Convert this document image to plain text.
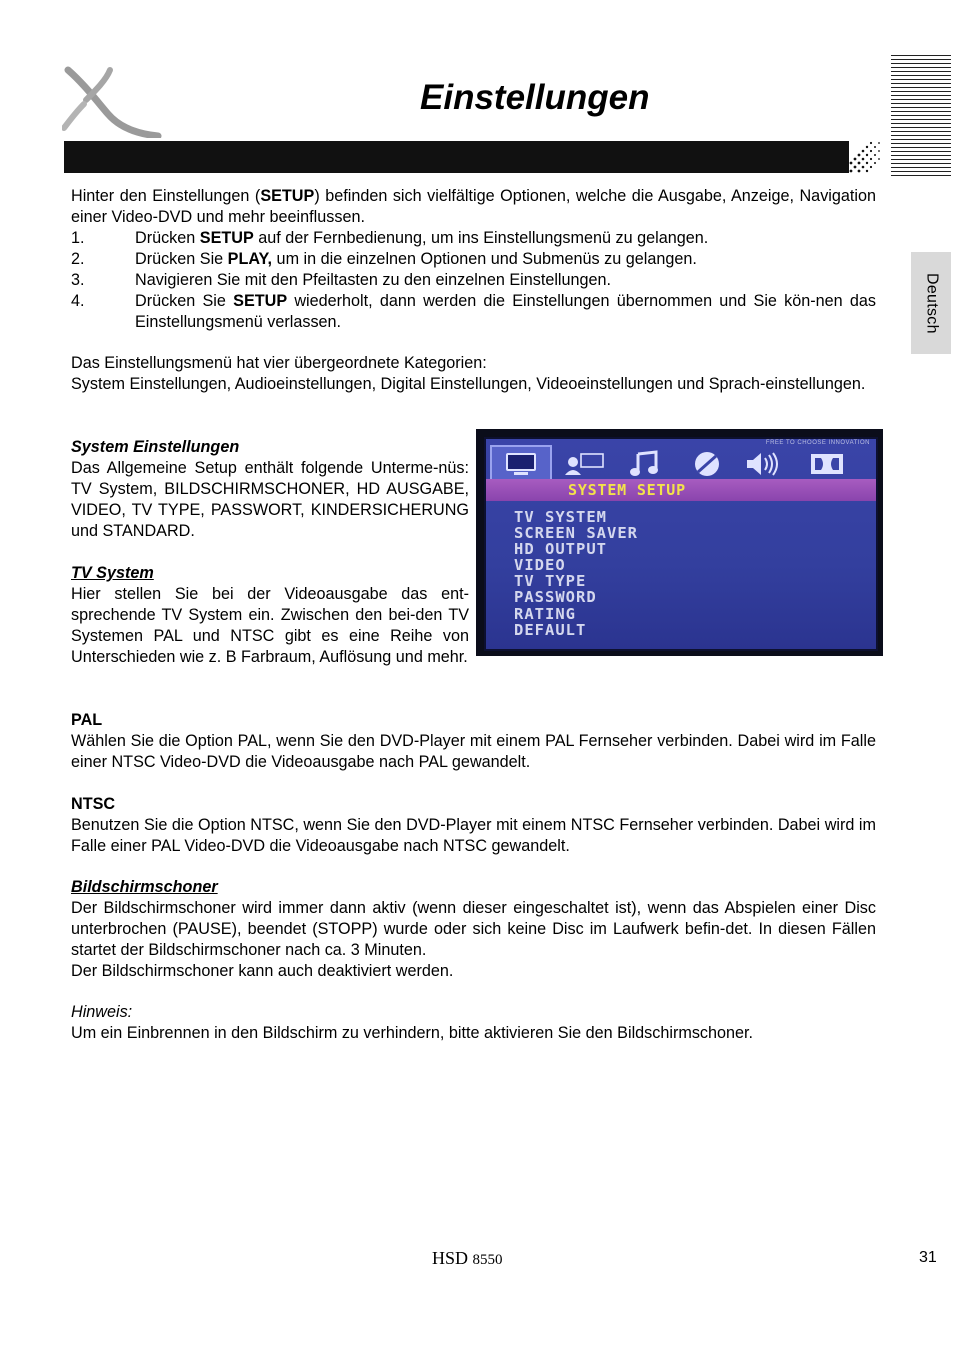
Einstellungen
Deutsch

Hinter den Einstellungen (SETUP) befinden sich vielfältige Optionen, welche die Ausgabe, Anzeige, Navigation einer Video-DVD und mehr beeinflussen.

1.	Drücken SETUP auf der Fernbedienung, um ins Einstellungsmenü zu gelangen.
2.	Drücken Sie PLAY, um in die einzelnen Optionen und Submenüs zu gelangen.
3.	Navigieren Sie mit den Pfeiltasten zu den einzelnen Einstellungen.
4.	Drücken Sie SETUP wiederholt, dann werden die Einstellungen übernommen und Sie kön-nen das Einstellungsmenü verlassen.

Das Einstellungsmenü hat vier übergeordnete Kategorien:

System Einstellungen, Audioeinstellungen, Digital Einstellungen, Videoeinstellungen und Sprach-einstellungen.

System Einstellungen

Das Allgemeine Setup enthält folgende Unterme-nüs: TV System, BILDSCHIRMSCHONER, HD AUSGABE, VIDEO, TV TYPE, PASSWORT, KINDERSICHERUNG und STANDARD.

TV System

Hier stellen Sie bei der Videoausgabe das ent-sprechende TV System ein. Zwischen den bei-den TV Systemen PAL und NTSC gibt es eine Reihe von Unterschieden wie z. B Farbraum, Auflösung und mehr.

FREE TO CHOOSE INNOVATION
SYSTEM SETUP
TV SYSTEM
SCREEN SAVER
HD OUTPUT
VIDEO
TV TYPE
PASSWORD
RATING
DEFAULT

PAL

Wählen Sie die Option PAL, wenn Sie den DVD-Player mit einem PAL Fernseher verbinden. Dabei wird im Falle einer NTSC Video-DVD die Videoausgabe nach PAL gewandelt.

NTSC

Benutzen Sie die Option NTSC, wenn Sie den DVD-Player mit einem NTSC Fernseher verbinden. Dabei wird im Falle einer PAL Video-DVD die Videoausgabe nach NTSC gewandelt.

Bildschirmschoner

Der Bildschirmschoner wird immer dann aktiv (wenn dieser eingeschaltet ist), wenn das Abspielen einer Disc unterbrochen (PAUSE), beendet (STOPP) wurde oder sich keine Disc im Laufwerk befin-det. In diesen Fällen startet der Bildschirmschoner nach ca. 3 Minuten.

Der Bildschirmschoner kann auch deaktiviert werden.

Hinweis:

Um ein Einbrennen in den Bildschirm zu verhindern, bitte aktivieren Sie den Bildschirmschoner.

HSD 8550	31
